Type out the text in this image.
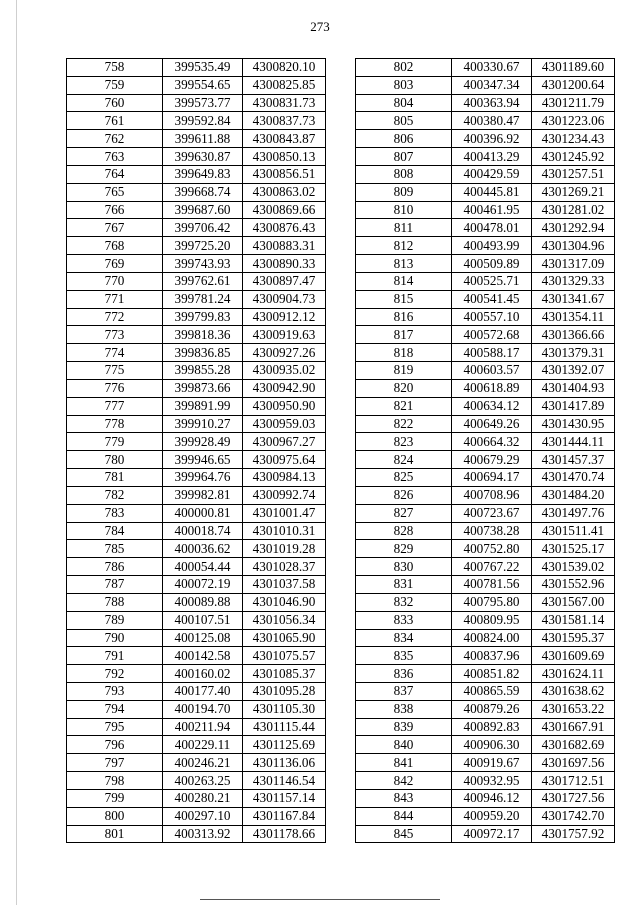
273
758	399535.49	4300820.10
759	399554.65	4300825.85
760	399573.77	4300831.73
761	399592.84	4300837.73
762	399611.88	4300843.87
763	399630.87	4300850.13
764	399649.83	4300856.51
765	399668.74	4300863.02
766	399687.60	4300869.66
767	399706.42	4300876.43
768	399725.20	4300883.31
769	399743.93	4300890.33
770	399762.61	4300897.47
771	399781.24	4300904.73
772	399799.83	4300912.12
773	399818.36	4300919.63
774	399836.85	4300927.26
775	399855.28	4300935.02
776	399873.66	4300942.90
777	399891.99	4300950.90
778	399910.27	4300959.03
779	399928.49	4300967.27
780	399946.65	4300975.64
781	399964.76	4300984.13
782	399982.81	4300992.74
783	400000.81	4301001.47
784	400018.74	4301010.31
785	400036.62	4301019.28
786	400054.44	4301028.37
787	400072.19	4301037.58
788	400089.88	4301046.90
789	400107.51	4301056.34
790	400125.08	4301065.90
791	400142.58	4301075.57
792	400160.02	4301085.37
793	400177.40	4301095.28
794	400194.70	4301105.30
795	400211.94	4301115.44
796	400229.11	4301125.69
797	400246.21	4301136.06
798	400263.25	4301146.54
799	400280.21	4301157.14
800	400297.10	4301167.84
801	400313.92	4301178.66
802	400330.67	4301189.60
803	400347.34	4301200.64
804	400363.94	4301211.79
805	400380.47	4301223.06
806	400396.92	4301234.43
807	400413.29	4301245.92
808	400429.59	4301257.51
809	400445.81	4301269.21
810	400461.95	4301281.02
811	400478.01	4301292.94
812	400493.99	4301304.96
813	400509.89	4301317.09
814	400525.71	4301329.33
815	400541.45	4301341.67
816	400557.10	4301354.11
817	400572.68	4301366.66
818	400588.17	4301379.31
819	400603.57	4301392.07
820	400618.89	4301404.93
821	400634.12	4301417.89
822	400649.26	4301430.95
823	400664.32	4301444.11
824	400679.29	4301457.37
825	400694.17	4301470.74
826	400708.96	4301484.20
827	400723.67	4301497.76
828	400738.28	4301511.41
829	400752.80	4301525.17
830	400767.22	4301539.02
831	400781.56	4301552.96
832	400795.80	4301567.00
833	400809.95	4301581.14
834	400824.00	4301595.37
835	400837.96	4301609.69
836	400851.82	4301624.11
837	400865.59	4301638.62
838	400879.26	4301653.22
839	400892.83	4301667.91
840	400906.30	4301682.69
841	400919.67	4301697.56
842	400932.95	4301712.51
843	400946.12	4301727.56
844	400959.20	4301742.70
845	400972.17	4301757.92
